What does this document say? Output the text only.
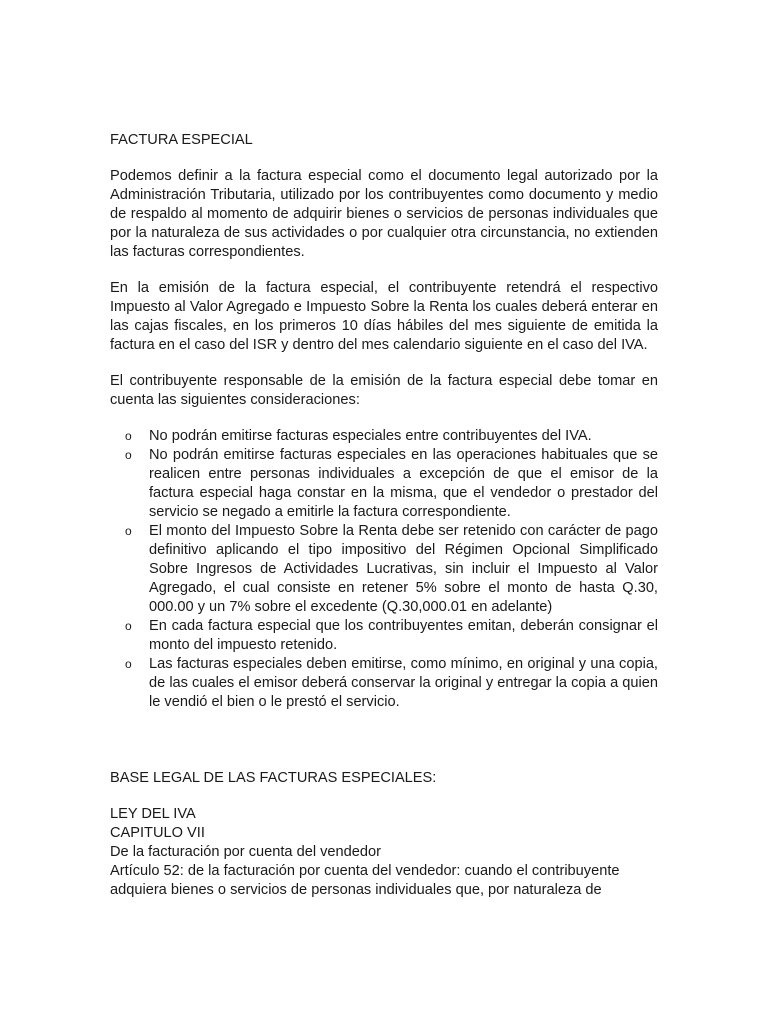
FACTURA ESPECIAL

Podemos definir a la factura especial como el documento legal autorizado por la Administración Tributaria, utilizado por los contribuyentes como documento y medio de respaldo al momento de adquirir bienes o servicios de personas individuales que por la naturaleza de sus actividades o por cualquier otra circunstancia, no extienden las facturas correspondientes.

En la emisión de la factura especial, el contribuyente retendrá el respectivo Impuesto al Valor Agregado e Impuesto Sobre la Renta los cuales deberá enterar en las cajas fiscales, en los primeros 10 días hábiles del mes siguiente de emitida la factura en el caso del ISR y dentro del mes calendario siguiente en el caso del IVA.

El contribuyente responsable de la emisión de la factura especial debe tomar en cuenta las siguientes consideraciones:

o No podrán emitirse facturas especiales entre contribuyentes del IVA.
o No podrán emitirse facturas especiales en las operaciones habituales que se realicen entre personas individuales a excepción de que el emisor de la factura especial haga constar en la misma, que el vendedor o prestador del servicio se negado a emitirle la factura correspondiente.
o El monto del Impuesto Sobre la Renta debe ser retenido con carácter de pago definitivo aplicando el tipo impositivo del Régimen Opcional Simplificado Sobre Ingresos de Actividades Lucrativas, sin incluir el Impuesto al Valor Agregado, el cual consiste en retener 5% sobre el monto de hasta Q.30, 000.00 y un 7% sobre el excedente (Q.30,000.01 en adelante)
o En cada factura especial que los contribuyentes emitan, deberán consignar el monto del impuesto retenido.
o Las facturas especiales deben emitirse, como mínimo, en original y una copia, de las cuales el emisor deberá conservar la original y entregar la copia a quien le vendió el bien o le prestó el servicio.
BASE LEGAL DE LAS FACTURAS ESPECIALES:
LEY DEL IVA
CAPITULO VII
De la facturación por cuenta del vendedor
Artículo 52: de la facturación por cuenta del vendedor: cuando el contribuyente adquiera bienes o servicios de personas individuales que, por naturaleza de
